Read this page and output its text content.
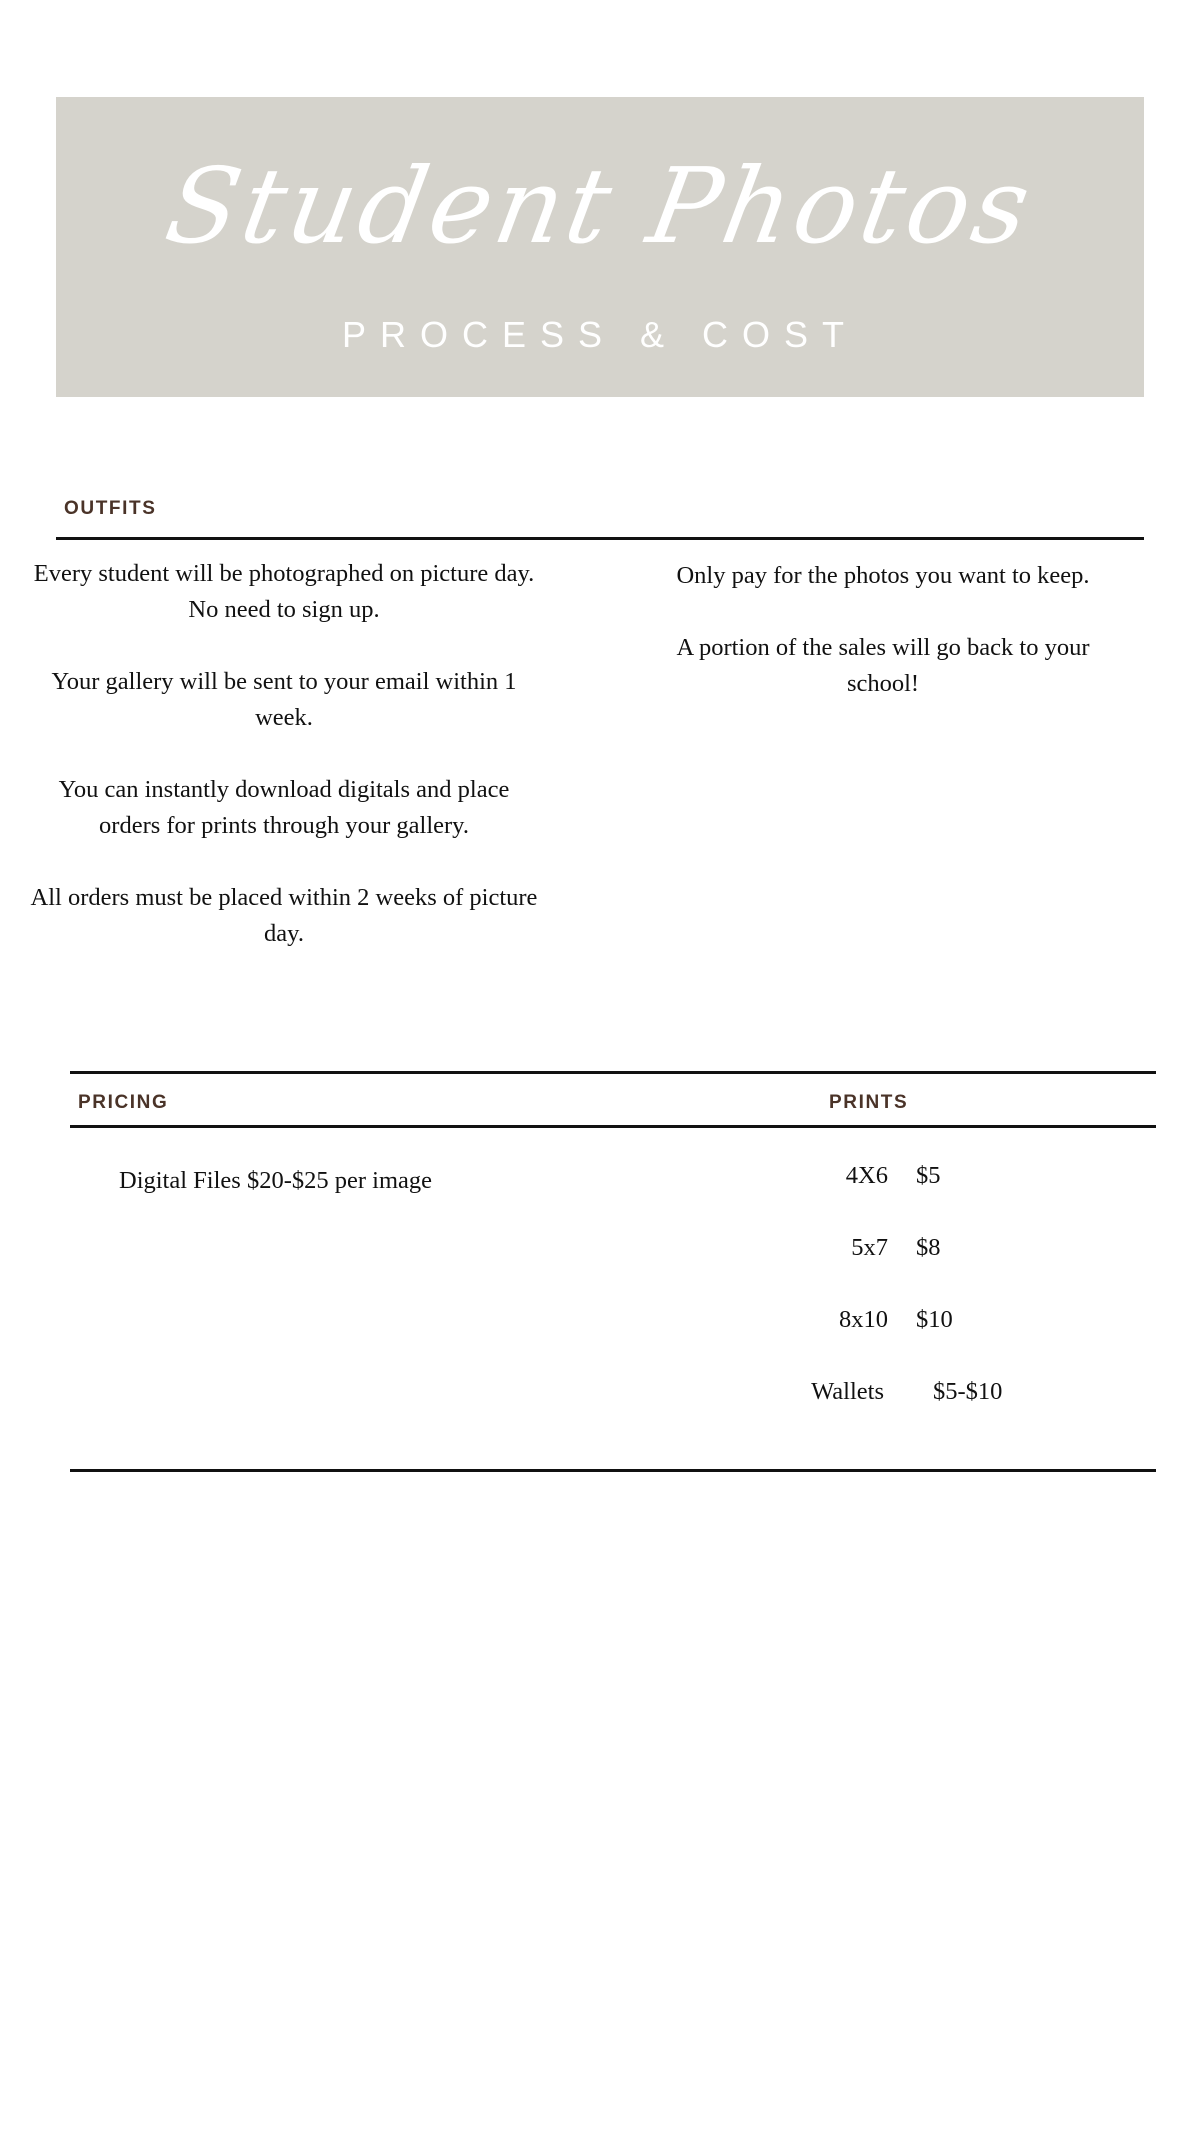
Student Photos
PROCESS & COST
OUTFITS

Every student will be photographed on picture day. No need to sign up.

Your gallery will be sent to your email within 1 week.

You can instantly download digitals and place orders for prints through your gallery.

All orders must be placed within 2 weeks of picture day.

Only pay for the photos you want to keep.

A portion of the sales will go back to your school!

PRICING	PRINTS
Digital Files $20-$25 per image	4X6 $5
5x7 $8
8x10 $10
Wallets $5-$10
